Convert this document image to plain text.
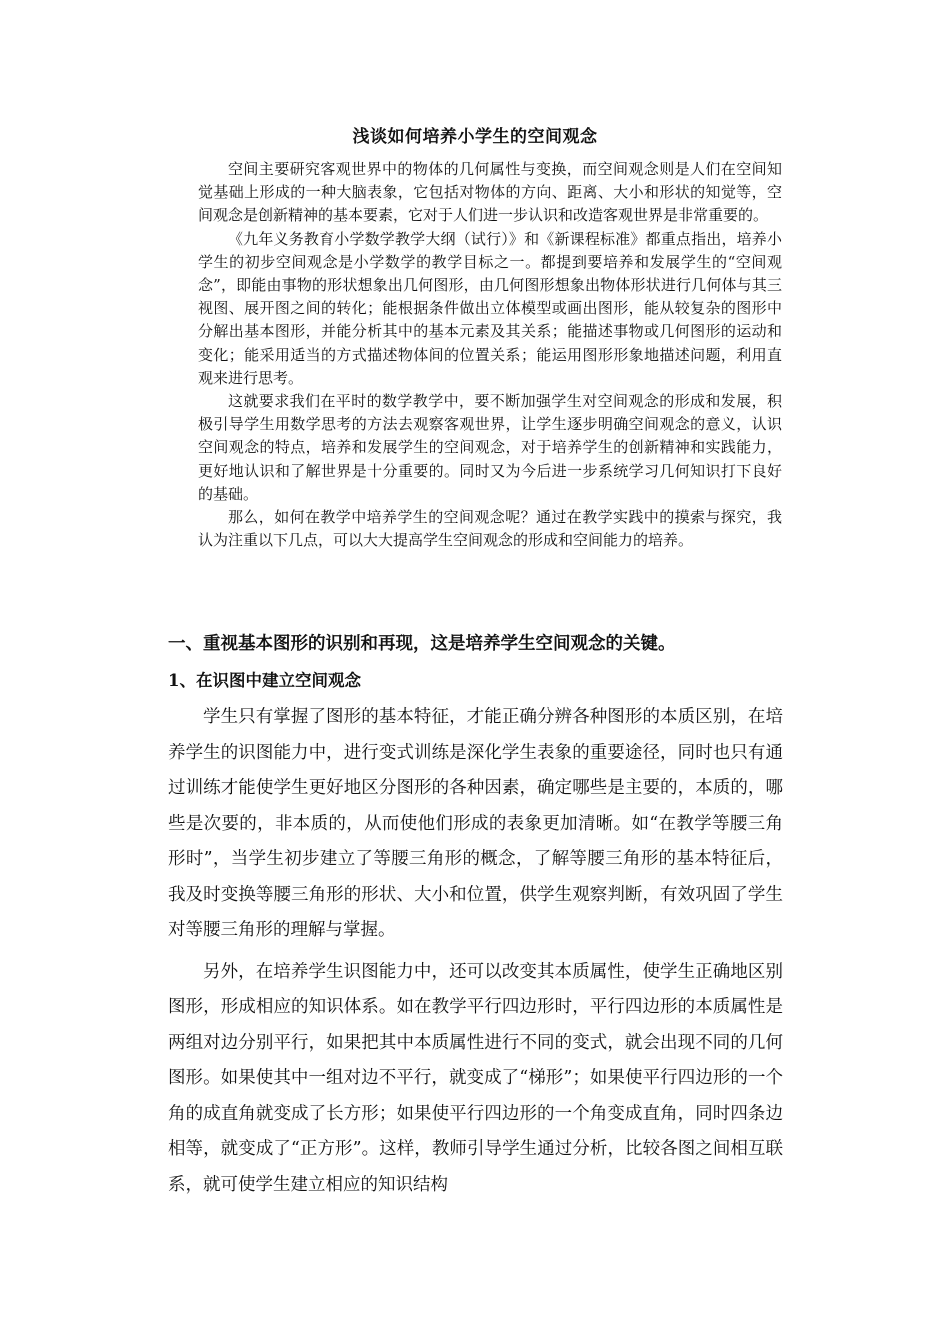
浅谈如何培养小学生的空间观念

空间主要研究客观世界中的物体的几何属性与变换，而空间观念则是人们在空间知觉基础上形成的一种大脑表象，它包括对物体的方向、距离、大小和形状的知觉等，空间观念是创新精神的基本要素，它对于人们进一步认识和改造客观世界是非常重要的。

《九年义务教育小学数学教学大纲（试行）》和《新课程标准》都重点指出，培养小学生的初步空间观念是小学数学的教学目标之一。都提到要培养和发展学生的“空间观念”，即能由事物的形状想象出几何图形，由几何图形想象出物体形状进行几何体与其三视图、展开图之间的转化；能根据条件做出立体模型或画出图形，能从较复杂的图形中分解出基本图形，并能分析其中的基本元素及其关系；能描述事物或几何图形的运动和变化；能采用适当的方式描述物体间的位置关系；能运用图形形象地描述问题，利用直观来进行思考。

这就要求我们在平时的数学教学中，要不断加强学生对空间观念的形成和发展，积极引导学生用数学思考的方法去观察客观世界，让学生逐步明确空间观念的意义，认识空间观念的特点，培养和发展学生的空间观念，对于培养学生的创新精神和实践能力，更好地认识和了解世界是十分重要的。同时又为今后进一步系统学习几何知识打下良好的基础。

那么，如何在教学中培养学生的空间观念呢？通过在教学实践中的摸索与探究，我认为注重以下几点，可以大大提高学生空间观念的形成和空间能力的培养。

一、重视基本图形的识别和再现，这是培养学生空间观念的关键。
1、在识图中建立空间观念

学生只有掌握了图形的基本特征，才能正确分辨各种图形的本质区别，在培养学生的识图能力中，进行变式训练是深化学生表象的重要途径，同时也只有通过训练才能使学生更好地区分图形的各种因素，确定哪些是主要的，本质的，哪些是次要的，非本质的，从而使他们形成的表象更加清晰。如“在教学等腰三角形时”，当学生初步建立了等腰三角形的概念，了解等腰三角形的基本特征后，我及时变换等腰三角形的形状、大小和位置，供学生观察判断，有效巩固了学生对等腰三角形的理解与掌握。

另外，在培养学生识图能力中，还可以改变其本质属性，使学生正确地区别图形，形成相应的知识体系。如在教学平行四边形时，平行四边形的本质属性是两组对边分别平行，如果把其中本质属性进行不同的变式，就会出现不同的几何图形。如果使其中一组对边不平行，就变成了“梯形”；如果使平行四边形的一个角的成直角就变成了长方形；如果使平行四边形的一个角变成直角，同时四条边相等，就变成了“正方形”。这样，教师引导学生通过分析，比较各图之间相互联系，就可使学生建立相应的知识结构
